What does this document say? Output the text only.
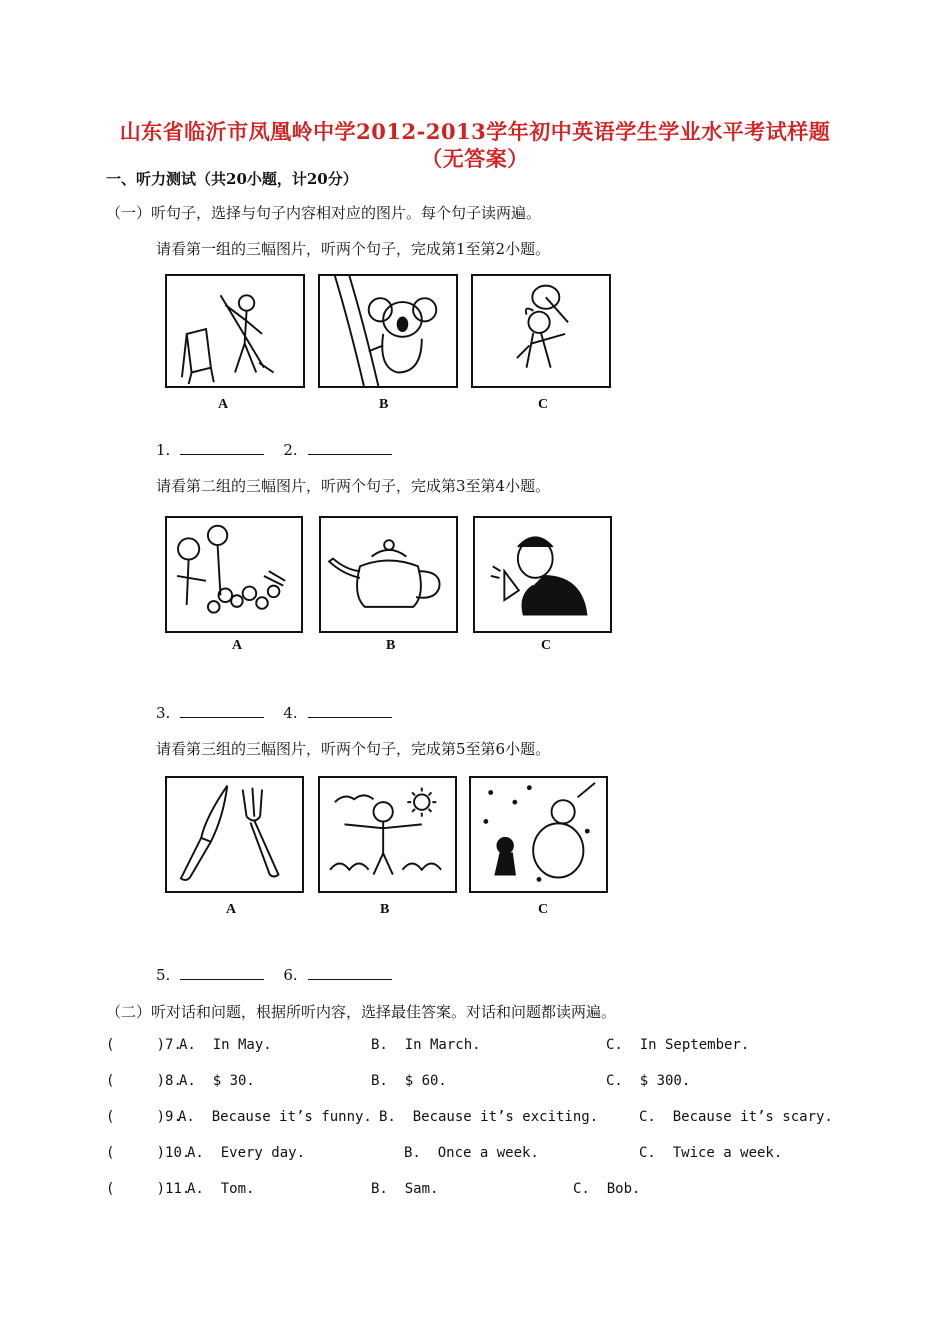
山东省临沂市凤凰岭中学2012-2013学年初中英语学生学业水平考试样题
（无答案）
一、听力测试（共20小题，计20分）
（一）听句子，选择与句子内容相对应的图片。每个句子读两遍。
请看第一组的三幅图片，听两个句子，完成第1至第2小题。
A	B	C
1.	2.
请看第二组的三幅图片，听两个句子，完成第3至第4小题。
A	B	C
3.	4.
请看第三组的三幅图片，听两个句子，完成第5至第6小题。
A	B	C
5.	6.
（二）听对话和问题，根据所听内容，选择最佳答案。对话和问题都读两遍。
(     )7.
A.  In May.	B.  In March.	C.  In September.
(     )8.
A.  $ 30.	B.  $ 60.	C.  $ 300.
(     )9.
A.  Because it’s funny. B.  Because it’s exciting.	C.  Because it’s scary.
(     )10.
A.  Every day.	B.  Once a week.	C.  Twice a week.
(     )11.
A.  Tom.	B.  Sam.	C.  Bob.
